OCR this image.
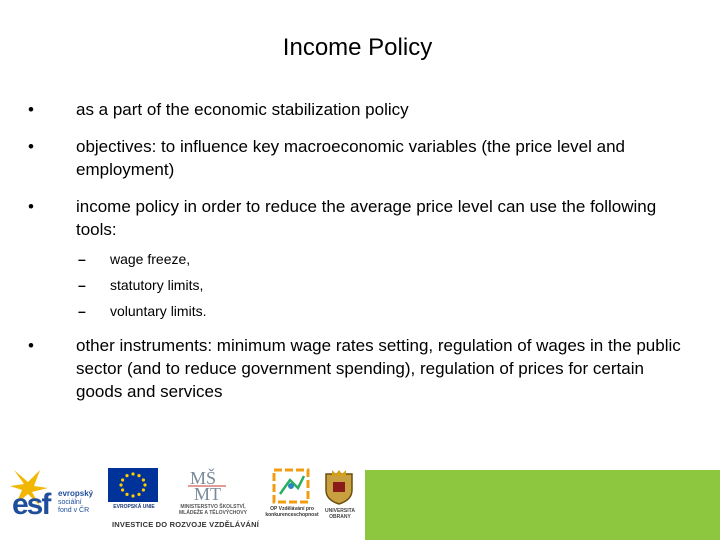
Income Policy
• as a part of the economic stabilization policy
• objectives: to influence key macroeconomic variables (the price level and employment)
• income policy in order to reduce the average price level can use the following tools:
– wage freeze,
– statutory limits,
– voluntary limits.
• other instruments: minimum wage rates setting, regulation of wages in the public sector (and to reduce government spending), regulation of prices for certain goods and services
esf	evropský
sociální
fond v ČR	EVROPSKÁ UNIE
MŠ
MT
MINISTERSTVO ŠKOLSTVÍ, MLÁDEŽE A TĚLOVÝCHOVY
OP Vzdělávání pro konkurenceschopnost
UNIVERSITA OBRANY
INVESTICE DO ROZVOJE VZDĚLÁVÁNÍ
